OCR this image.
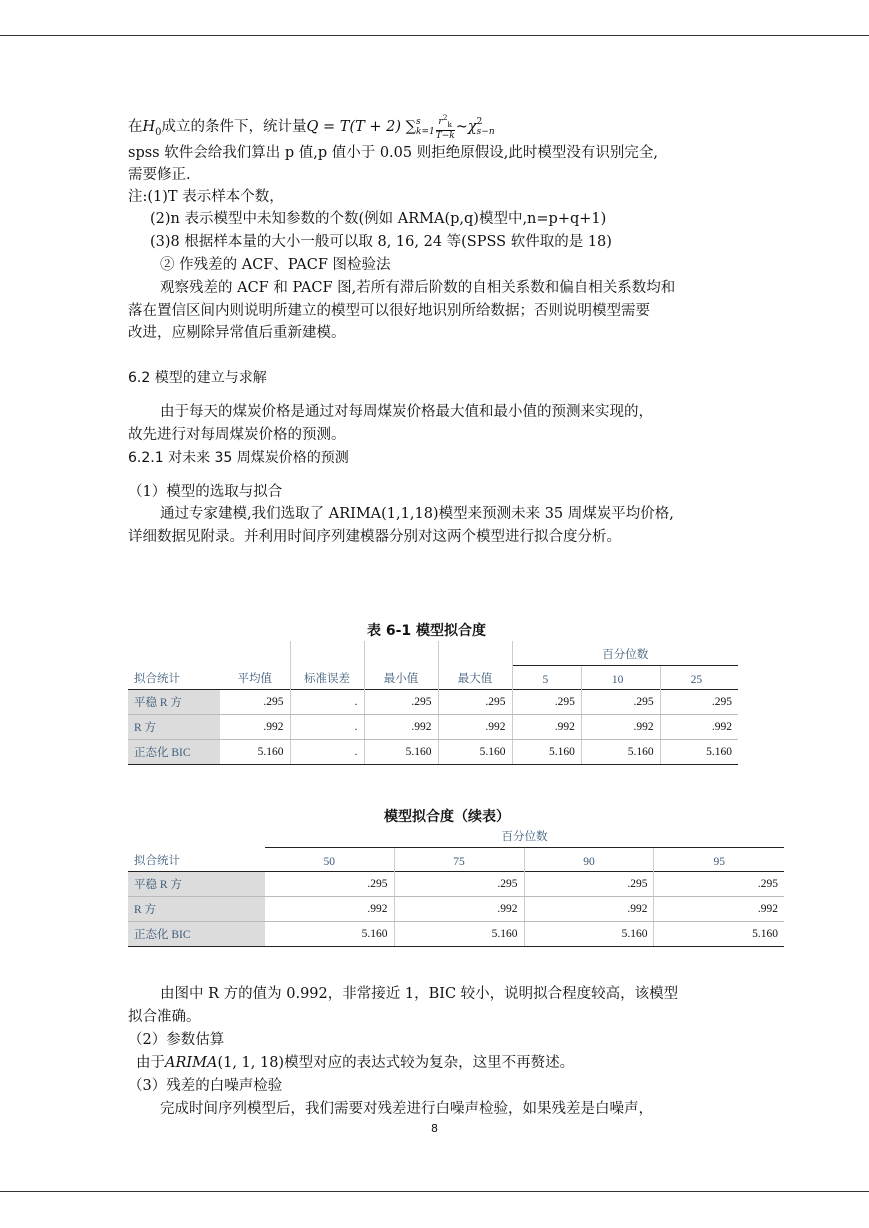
在$H_0$成立的条件下，统计量Q = T(T + 2) ∑ s
$k=1 \frac{r^2_k}{T-k}$ ~χ 2
s−n
spss 软件会给我们算出 p 值,p 值小于 0.05 则拒绝原假设,此时模型没有识别完全,
需要修正.
注:(1)T 表示样本个数，
(2)n 表示模型中未知参数的个数(例如 ARMA(p,q)模型中,n=p+q+1)
(3)8 根据样本量的大小一般可以取 8, 16, 24 等(SPSS 软件取的是 18)
② 作残差的 ACF、PACF 图检验法
观察残差的 ACF 和 PACF 图,若所有滞后阶数的自相关系数和偏自相关系数均和
落在置信区间内则说明所建立的模型可以很好地识别所给数据；否则说明模型需要
改进，应剔除异常值后重新建模。
6.2 模型的建立与求解
由于每天的煤炭价格是通过对每周煤炭价格最大值和最小值的预测来实现的，
故先进行对每周煤炭价格的预测。
6.2.1 对未来 35 周煤炭价格的预测
（1）模型的选取与拟合
通过专家建模,我们选取了 ARIMA(1,1,18)模型来预测未来 35 周煤炭平均价格,
详细数据见附录。并利用时间序列建模器分别对这两个模型进行拟合度分析。
表 6-1 模型拟合度
					百分位数		
拟合统计	平均值	标准误差	最小值	最大值	5	10	25
平稳 R 方	.295	.	.295	.295	.295	.295	.295
R 方	.992	.	.992	.992	.992	.992	.992
正态化 BIC	5.160	.	5.160	5.160	5.160	5.160	5.160
模型拟合度（续表）
	百分位数			
拟合统计	50	75	90	95
平稳 R 方	.295	.295	.295	.295
R 方	.992	.992	.992	.992
正态化 BIC	5.160	5.160	5.160	5.160
由图中 R 方的值为 0.992，非常接近 1，BIC 较小，说明拟合程度较高，该模型
拟合准确。
（2）参数估算
由于ARIMA(1, 1, 18)模型对应的表达式较为复杂，这里不再赘述。
（3）残差的白噪声检验
完成时间序列模型后，我们需要对残差进行白噪声检验，如果残差是白噪声，
8
